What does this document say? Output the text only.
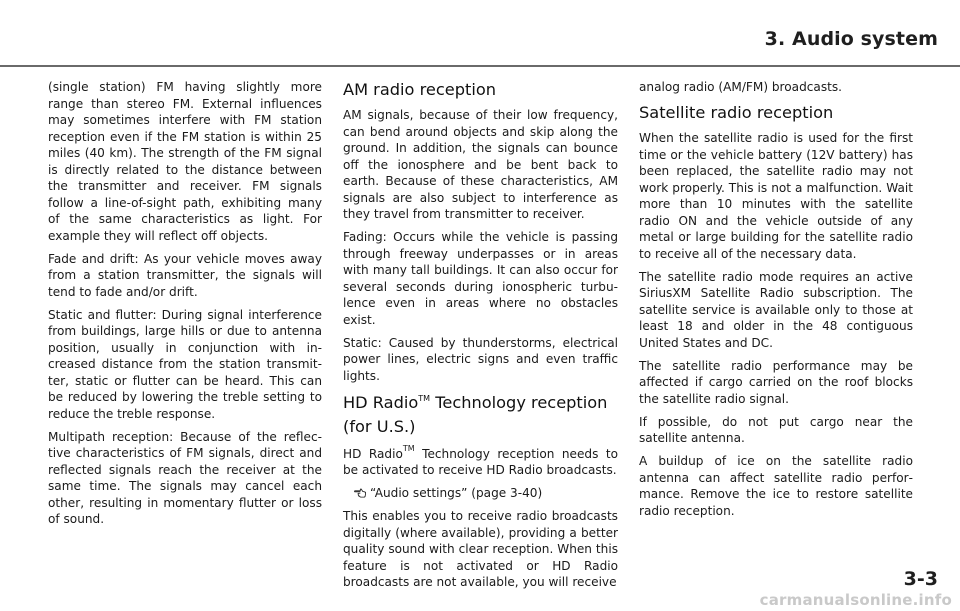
3. Audio system

(single station) FM having slightly more range than stereo FM. External influences may sometimes interfere with FM station reception even if the FM station is within 25 miles (40 km). The strength of the FM signal is directly related to the distance between the transmitter and receiver. FM signals follow a line-of-sight path, exhibiting many of the same characteristics as light. For example they will reflect off objects.

Fade and drift: As your vehicle moves away from a station transmitter, the signals will tend to fade and/or drift.

Static and flutter: During signal interference from buildings, large hills or due to antenna position, usually in conjunction with increased distance from the station transmitter, static or flutter can be heard. This can be reduced by lowering the treble setting to reduce the treble response.

Multipath reception: Because of the reflective characteristics of FM signals, direct and reflected signals reach the receiver at the same time. The signals may cancel each other, resulting in momentary flutter or loss of sound.

AM radio reception

AM signals, because of their low frequency, can bend around objects and skip along the ground. In addition, the signals can bounce off the ionosphere and be bent back to earth. Because of these characteristics, AM signals are also subject to interference as they travel from transmitter to receiver.

Fading: Occurs while the vehicle is passing through freeway underpasses or in areas with many tall buildings. It can also occur for several seconds during ionospheric turbulence even in areas where no obstacles exist.

Static: Caused by thunderstorms, electrical power lines, electric signs and even traffic lights.

HD Radio™ Technology reception (for U.S.)

HD Radio™ Technology reception needs to be activated to receive HD Radio broadcasts.

“Audio settings” (page 3-40)

This enables you to receive radio broadcasts digitally (where available), providing a better quality sound with clear reception. When this feature is not activated or HD Radio broadcasts are not available, you will receive

analog radio (AM/FM) broadcasts.

Satellite radio reception

When the satellite radio is used for the first time or the vehicle battery (12V battery) has been replaced, the satellite radio may not work properly. This is not a malfunction. Wait more than 10 minutes with the satellite radio ON and the vehicle outside of any metal or large building for the satellite radio to receive all of the necessary data.

The satellite radio mode requires an active SiriusXM Satellite Radio subscription. The satellite service is available only to those at least 18 and older in the 48 contiguous United States and DC.

The satellite radio performance may be affected if cargo carried on the roof blocks the satellite radio signal.

If possible, do not put cargo near the satellite antenna.

A buildup of ice on the satellite radio antenna can affect satellite radio performance. Remove the ice to restore satellite radio reception.

3-3
carmanualsonline.info
